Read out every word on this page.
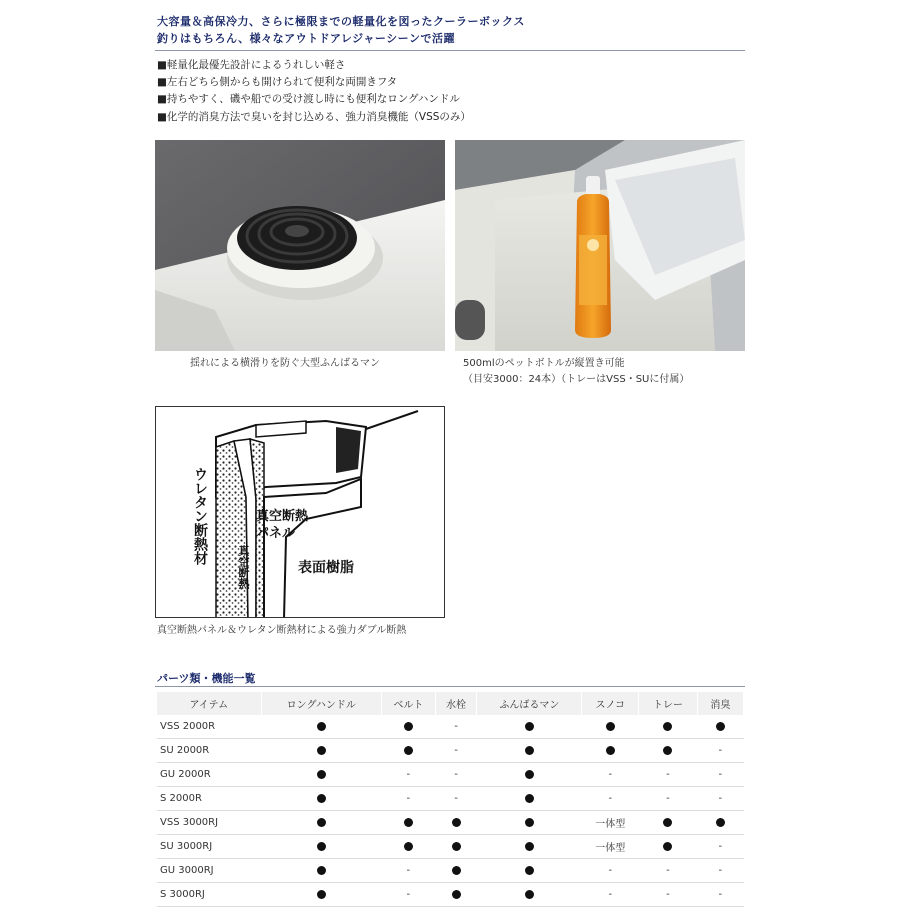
大容量＆高保冷力、さらに極限までの軽量化を図ったクーラーボックス
釣りはもちろん、様々なアウトドアレジャーシーンで活躍
■軽量化最優先設計によるうれしい軽さ
■左右どちら側からも開けられて便利な両開きフタ
■持ちやすく、磯や船での受け渡し時にも便利なロングハンドル
■化学的消臭方法で臭いを封じ込める、強力消臭機能（VSSのみ）
揺れによる横滑りを防ぐ大型ふんばるマン	500mlのペットボトルが縦置き可能
（目安3000：24本）（トレーはVSS・SUに付属）
ウレタン断熱材
真空断熱
真空断熱
パネル
表面樹脂
真空断熱パネル＆ウレタン断熱材による強力ダブル断熱
パーツ類・機能一覧
アイテム	ロングハンドル	ベルト	水栓	ふんばるマン	スノコ	トレー	消臭
VSS 2000R			-				
SU 2000R			-				-
GU 2000R		-	-		-	-	-
S 2000R		-	-		-	-	-
VSS 3000RJ					一体型		
SU 3000RJ					一体型		-
GU 3000RJ		-			-	-	-
S 3000RJ		-			-	-	-
